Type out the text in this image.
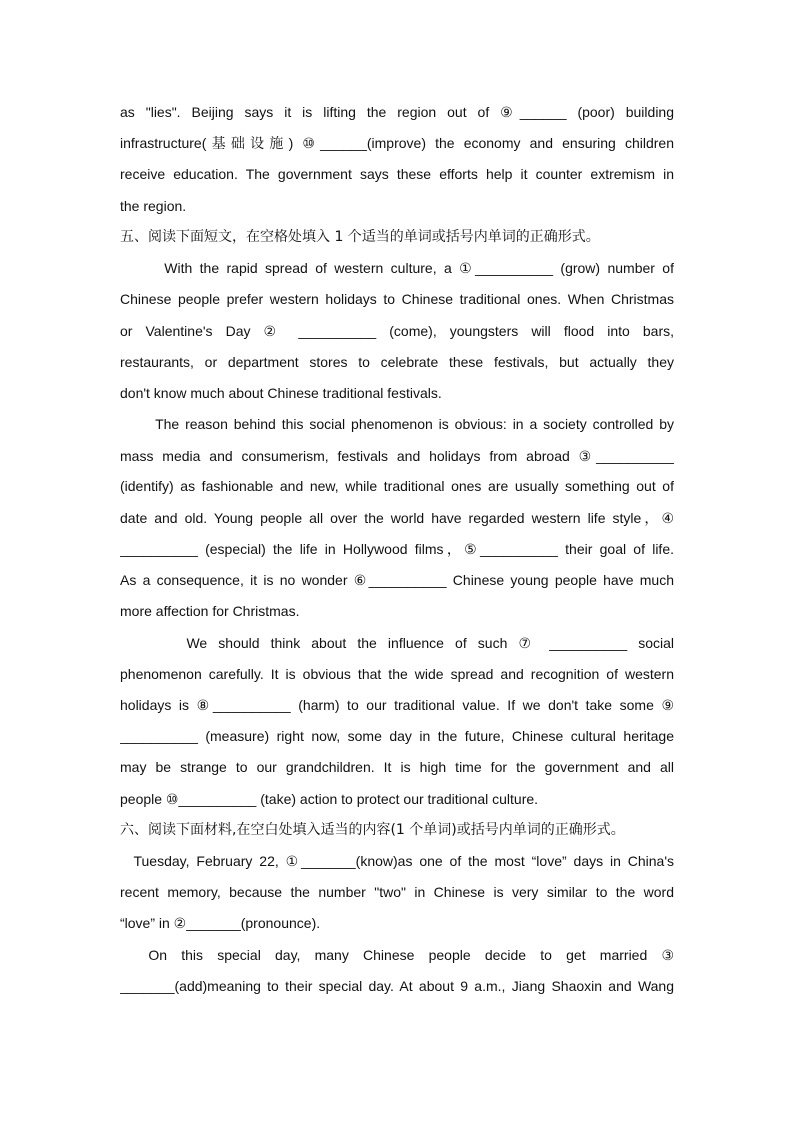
as "lies". Beijing says it is lifting the region out of ⑨______ (poor) building
infrastructure(基础设施) ⑩______(improve) the economy and ensuring children
receive education. The government says these efforts help it counter extremism in
the region.
五、阅读下面短文，在空格处填入 1 个适当的单词或括号内单词的正确形式。
With the rapid spread of western culture, a ①__________ (grow) number of
Chinese people prefer western holidays to Chinese traditional ones. When Christmas
or Valentine's Day ② __________ (come), youngsters will flood into bars,
restaurants, or department stores to celebrate these festivals, but actually they
don't know much about Chinese traditional festivals.
The reason behind this social phenomenon is obvious: in a society controlled by
mass media and consumerism, festivals and holidays from abroad ③__________
(identify) as fashionable and new, while traditional ones are usually something out of
date and old. Young people all over the world have regarded western life style，④
__________ (especial) the life in Hollywood films，⑤__________ their goal of life.
As a consequence, it is no wonder ⑥__________ Chinese young people have much
more affection for Christmas.
We should think about the influence of such ⑦ __________ social
phenomenon carefully. It is obvious that the wide spread and recognition of western
holidays is ⑧__________ (harm) to our traditional value. If we don't take some ⑨
__________ (measure) right now, some day in the future, Chinese cultural heritage
may be strange to our grandchildren. It is high time for the government and all
people ⑩__________ (take) action to protect our traditional culture.
六、阅读下面材料,在空白处填入适当的内容(1 个单词)或括号内单词的正确形式。
Tuesday, February 22, ①_______(know)as one of the most “love” days in China's
recent memory, because the number "two" in Chinese is very similar to the word
“love” in ②_______(pronounce).
On this special day, many Chinese people decide to get married ③
_______(add)meaning to their special day. At about 9 a.m., Jiang Shaoxin and Wang
